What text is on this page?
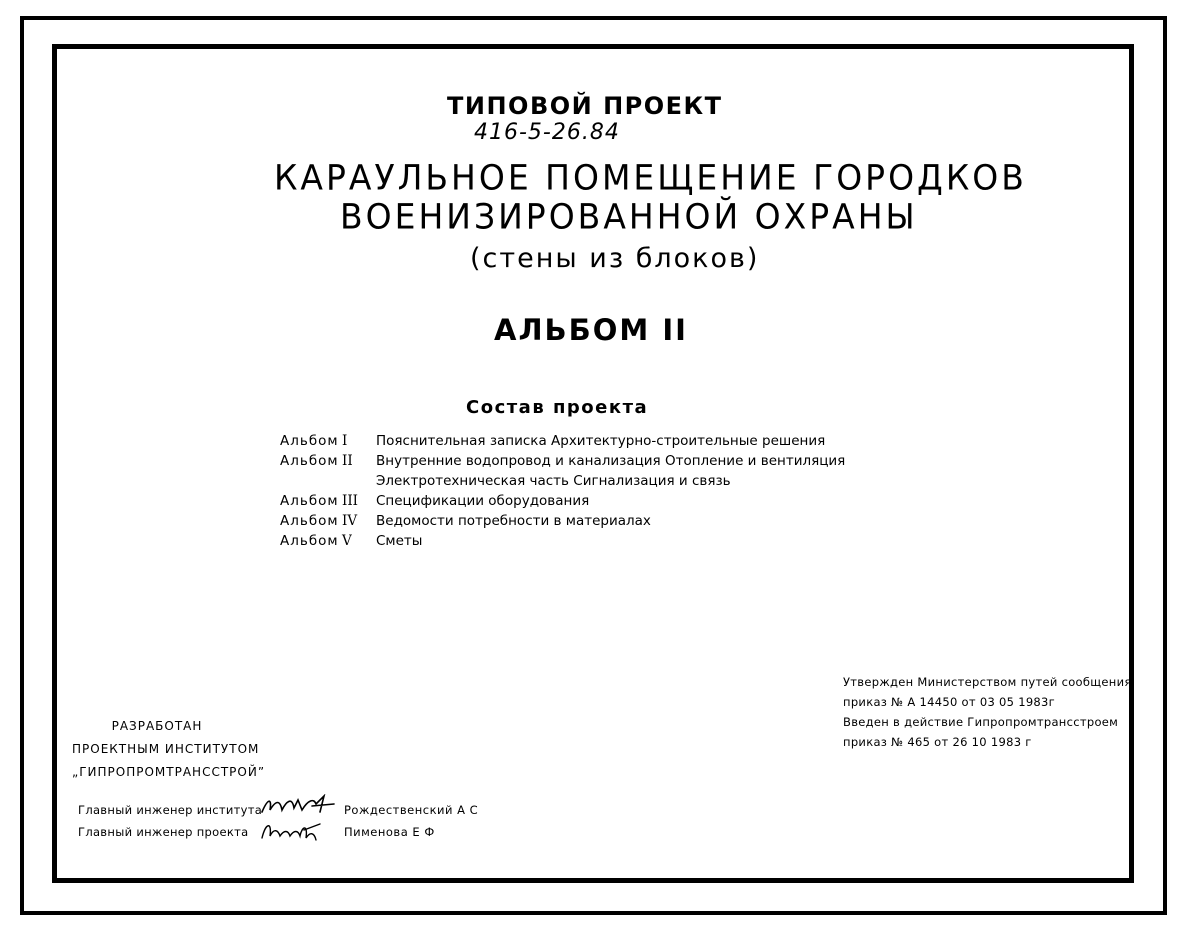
ТИПОВОЙ ПРОЕКТ
416-5-26.84
КАРАУЛЬНОЕ ПОМЕЩЕНИЕ ГОРОДКОВ
ВОЕНИЗИРОВАННОЙ ОХРАНЫ
(стены из блоков)
АЛЬБОМ II
Состав проекта
Альбом I	Пояснительная записка Архитектурно-строительные решения
Альбом II	Внутренние водопровод и канализация Отопление и вентиляция
Электротехническая часть Сигнализация и связь
Альбом III	Спецификации оборудования
Альбом IV	Ведомости потребности в материалах
Альбом V	Сметы
Утвержден Министерством путей сообщения
приказ № А 14450 от 03 05 1983г
Введен в действие Гипропромтрансстроем
приказ № 465 от 26 10 1983 г
РАЗРАБОТАН
ПРОЕКТНЫМ ИНСТИТУТОМ
„ГИПРОПРОМТРАНССТРОЙ”
Главный инженер института	Рождественский А С
Главный инженер проекта	Пименова Е Ф
